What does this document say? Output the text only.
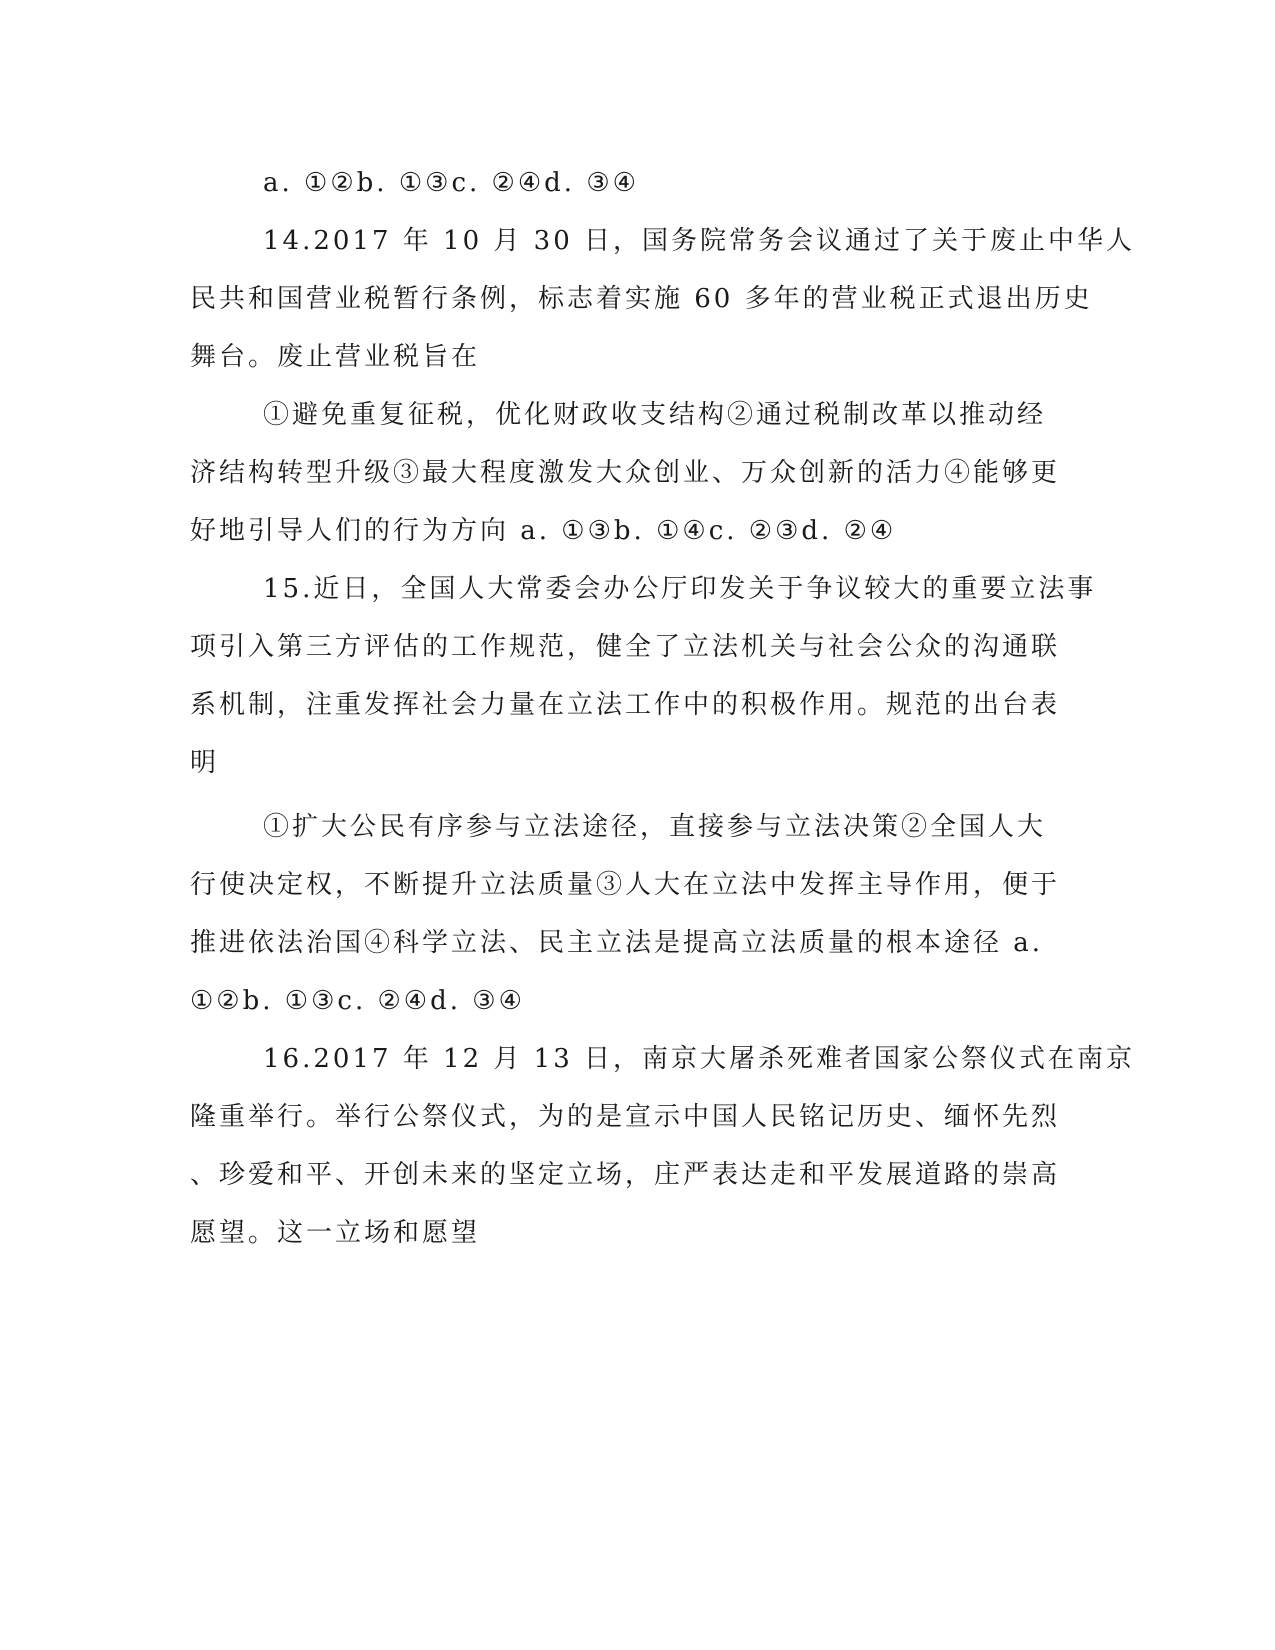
a. ①②b. ①③c. ②④d. ③④
14.2017 年 10 月 30 日，国务院常务会议通过了关于废止中华人
民共和国营业税暂行条例，标志着实施 60 多年的营业税正式退出历史
舞台。废止营业税旨在
①避免重复征税，优化财政收支结构②通过税制改革以推动经
济结构转型升级③最大程度激发大众创业、万众创新的活力④能够更
好地引导人们的行为方向 a. ①③b. ①④c. ②③d. ②④
15.近日，全国人大常委会办公厅印发关于争议较大的重要立法事
项引入第三方评估的工作规范，健全了立法机关与社会公众的沟通联
系机制，注重发挥社会力量在立法工作中的积极作用。规范的出台表
明
①扩大公民有序参与立法途径，直接参与立法决策②全国人大
行使决定权，不断提升立法质量③人大在立法中发挥主导作用，便于
推进依法治国④科学立法、民主立法是提高立法质量的根本途径 a.
①②b. ①③c. ②④d. ③④
16.2017 年 12 月 13 日，南京大屠杀死难者国家公祭仪式在南京
隆重举行。举行公祭仪式，为的是宣示中国人民铭记历史、缅怀先烈
、珍爱和平、开创未来的坚定立场，庄严表达走和平发展道路的崇高
愿望。这一立场和愿望
